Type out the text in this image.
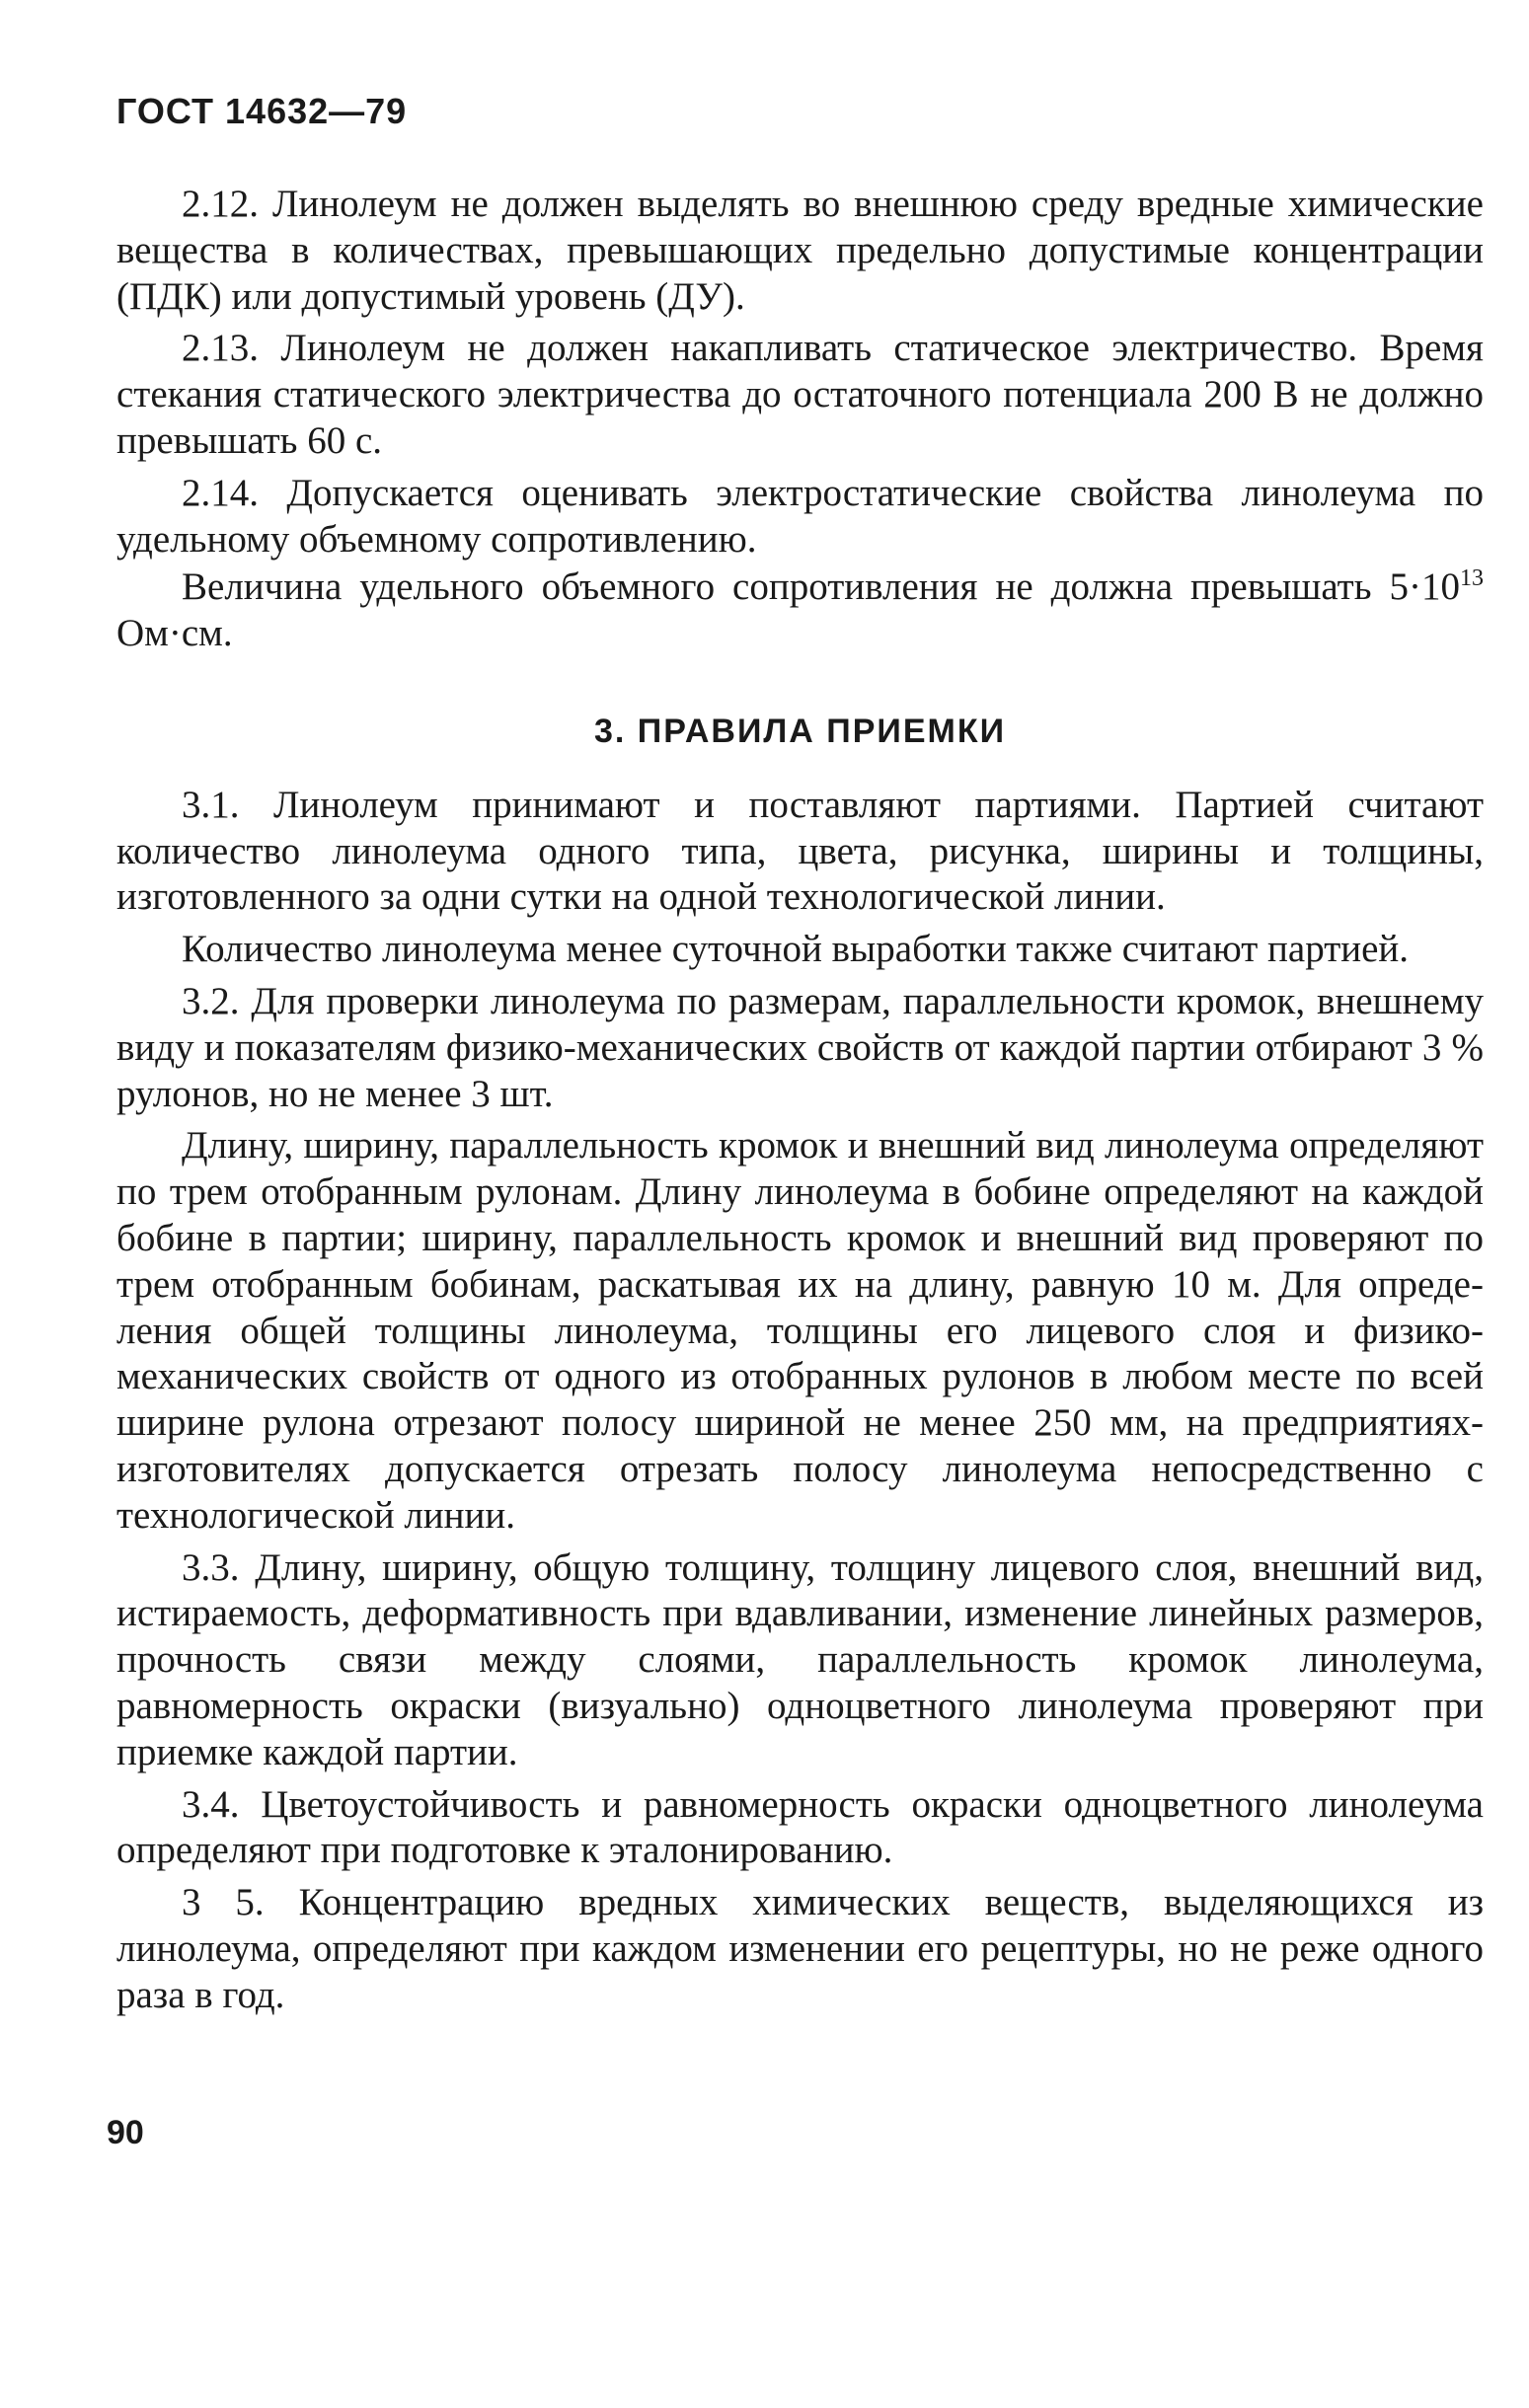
ГОСТ 14632—79

2.12. Линолеум не должен выделять во внешнюю среду вредные химические вещества в количествах, превышающих предельно допустимые концентрации (ПДК) или допустимый уровень (ДУ).

2.13. Линолеум не должен накапливать статическое электричество. Время стекания статического электричества до остаточного потенциала 200 В не должно превышать 60 с.

2.14. Допускается оценивать электростатические свойства линолеума по удельному объемному сопротивлению.

Величина удельного объемного сопротивления не должна превышать $5\cdot 10^{13}$ Ом·см.

3. ПРАВИЛА ПРИЕМКИ

3.1. Линолеум принимают и поставляют партиями. Партией считают количество линолеума одного типа, цвета, рисунка, ширины и толщины, изготовленного за одни сутки на одной технологической линии.

Количество линолеума менее суточной выработки также считают партией.

3.2. Для проверки линолеума по размерам, параллельности кромок, внешнему виду и показателям физико-механических свойств от каждой партии отбирают 3 % рулонов, но не менее 3 шт.

Длину, ширину, параллельность кромок и внешний вид линолеума определяют по трем отобранным рулонам. Длину линолеума в бобине определяют на каждой бобине в партии; ширину, параллельность кромок и внешний вид проверяют по трем отобранным бобинам, раскатывая их на длину, равную 10 м. Для определения общей толщины линолеума, толщины его лицевого слоя и физико-механических свойств от одного из отобранных рулонов в любом месте по всей ширине рулона отрезают полосу шириной не менее 250 мм, на предприятиях-изготовителях допускается отрезать полосу линолеума непосредственно с технологической линии.

3.3. Длину, ширину, общую толщину, толщину лицевого слоя, внешний вид, истираемость, деформативность при вдавливании, изменение линейных размеров, прочность связи между слоями, параллельность кромок линолеума, равномерность окраски (визуально) одноцветного линолеума проверяют при приемке каждой партии.

3.4. Цветоустойчивость и равномерность окраски одноцветного линолеума определяют при подготовке к эталонированию.

3 5. Концентрацию вредных химических веществ, выделяющихся из линолеума, определяют при каждом изменении его рецептуры, но не реже одного раза в год.

90
